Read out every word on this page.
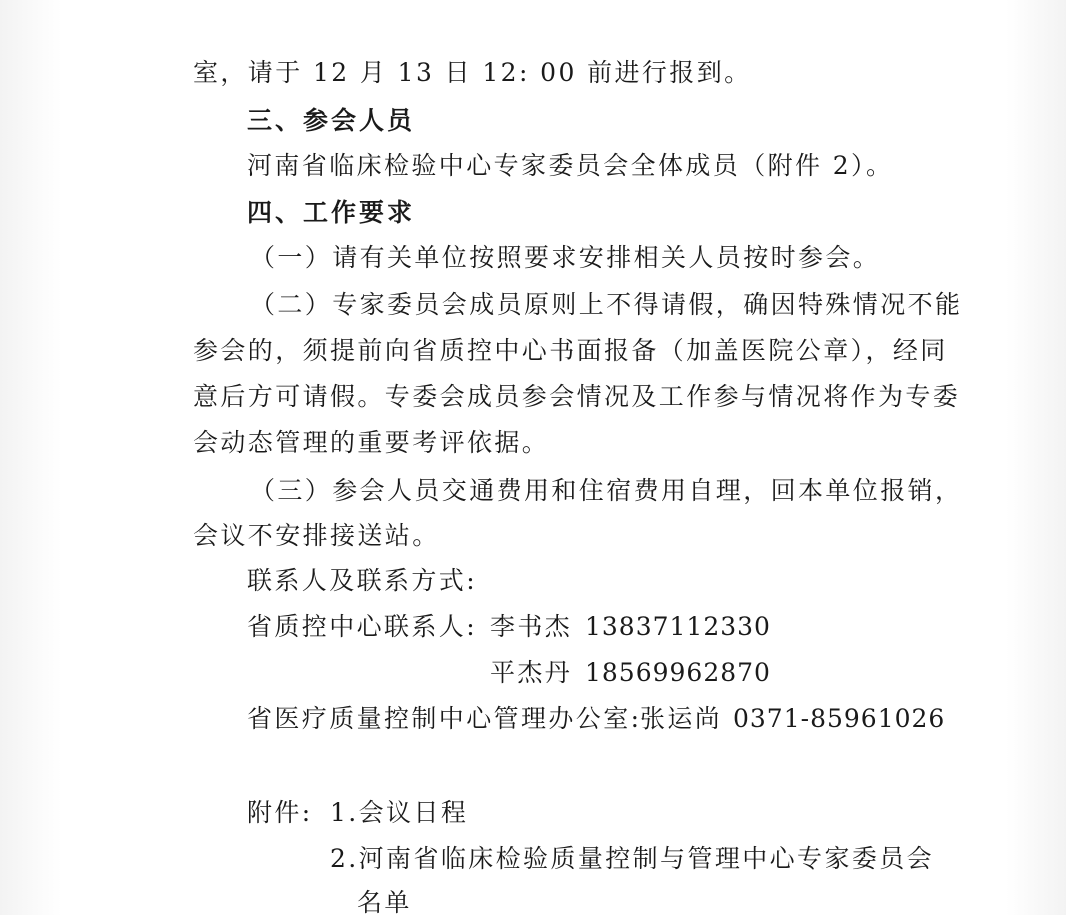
室，请于 12 月 13 日 12: 00 前进行报到。
三、参会人员
河南省临床检验中心专家委员会全体成员（附件 2）。
四、工作要求
（一）请有关单位按照要求安排相关人员按时参会。
（二）专家委员会成员原则上不得请假，确因特殊情况不能
参会的，须提前向省质控中心书面报备（加盖医院公章），经同
意后方可请假。专委会成员参会情况及工作参与情况将作为专委
会动态管理的重要考评依据。
（三）参会人员交通费用和住宿费用自理，回本单位报销，
会议不安排接送站。
联系人及联系方式:
省质控中心联系人: 李书杰 13837112330
平杰丹 18569962870
省医疗质量控制中心管理办公室:
张运尚 0371-85961026
附件: 1.会议日程
2.河南省临床检验质量控制与管理中心专家委员会
名单
